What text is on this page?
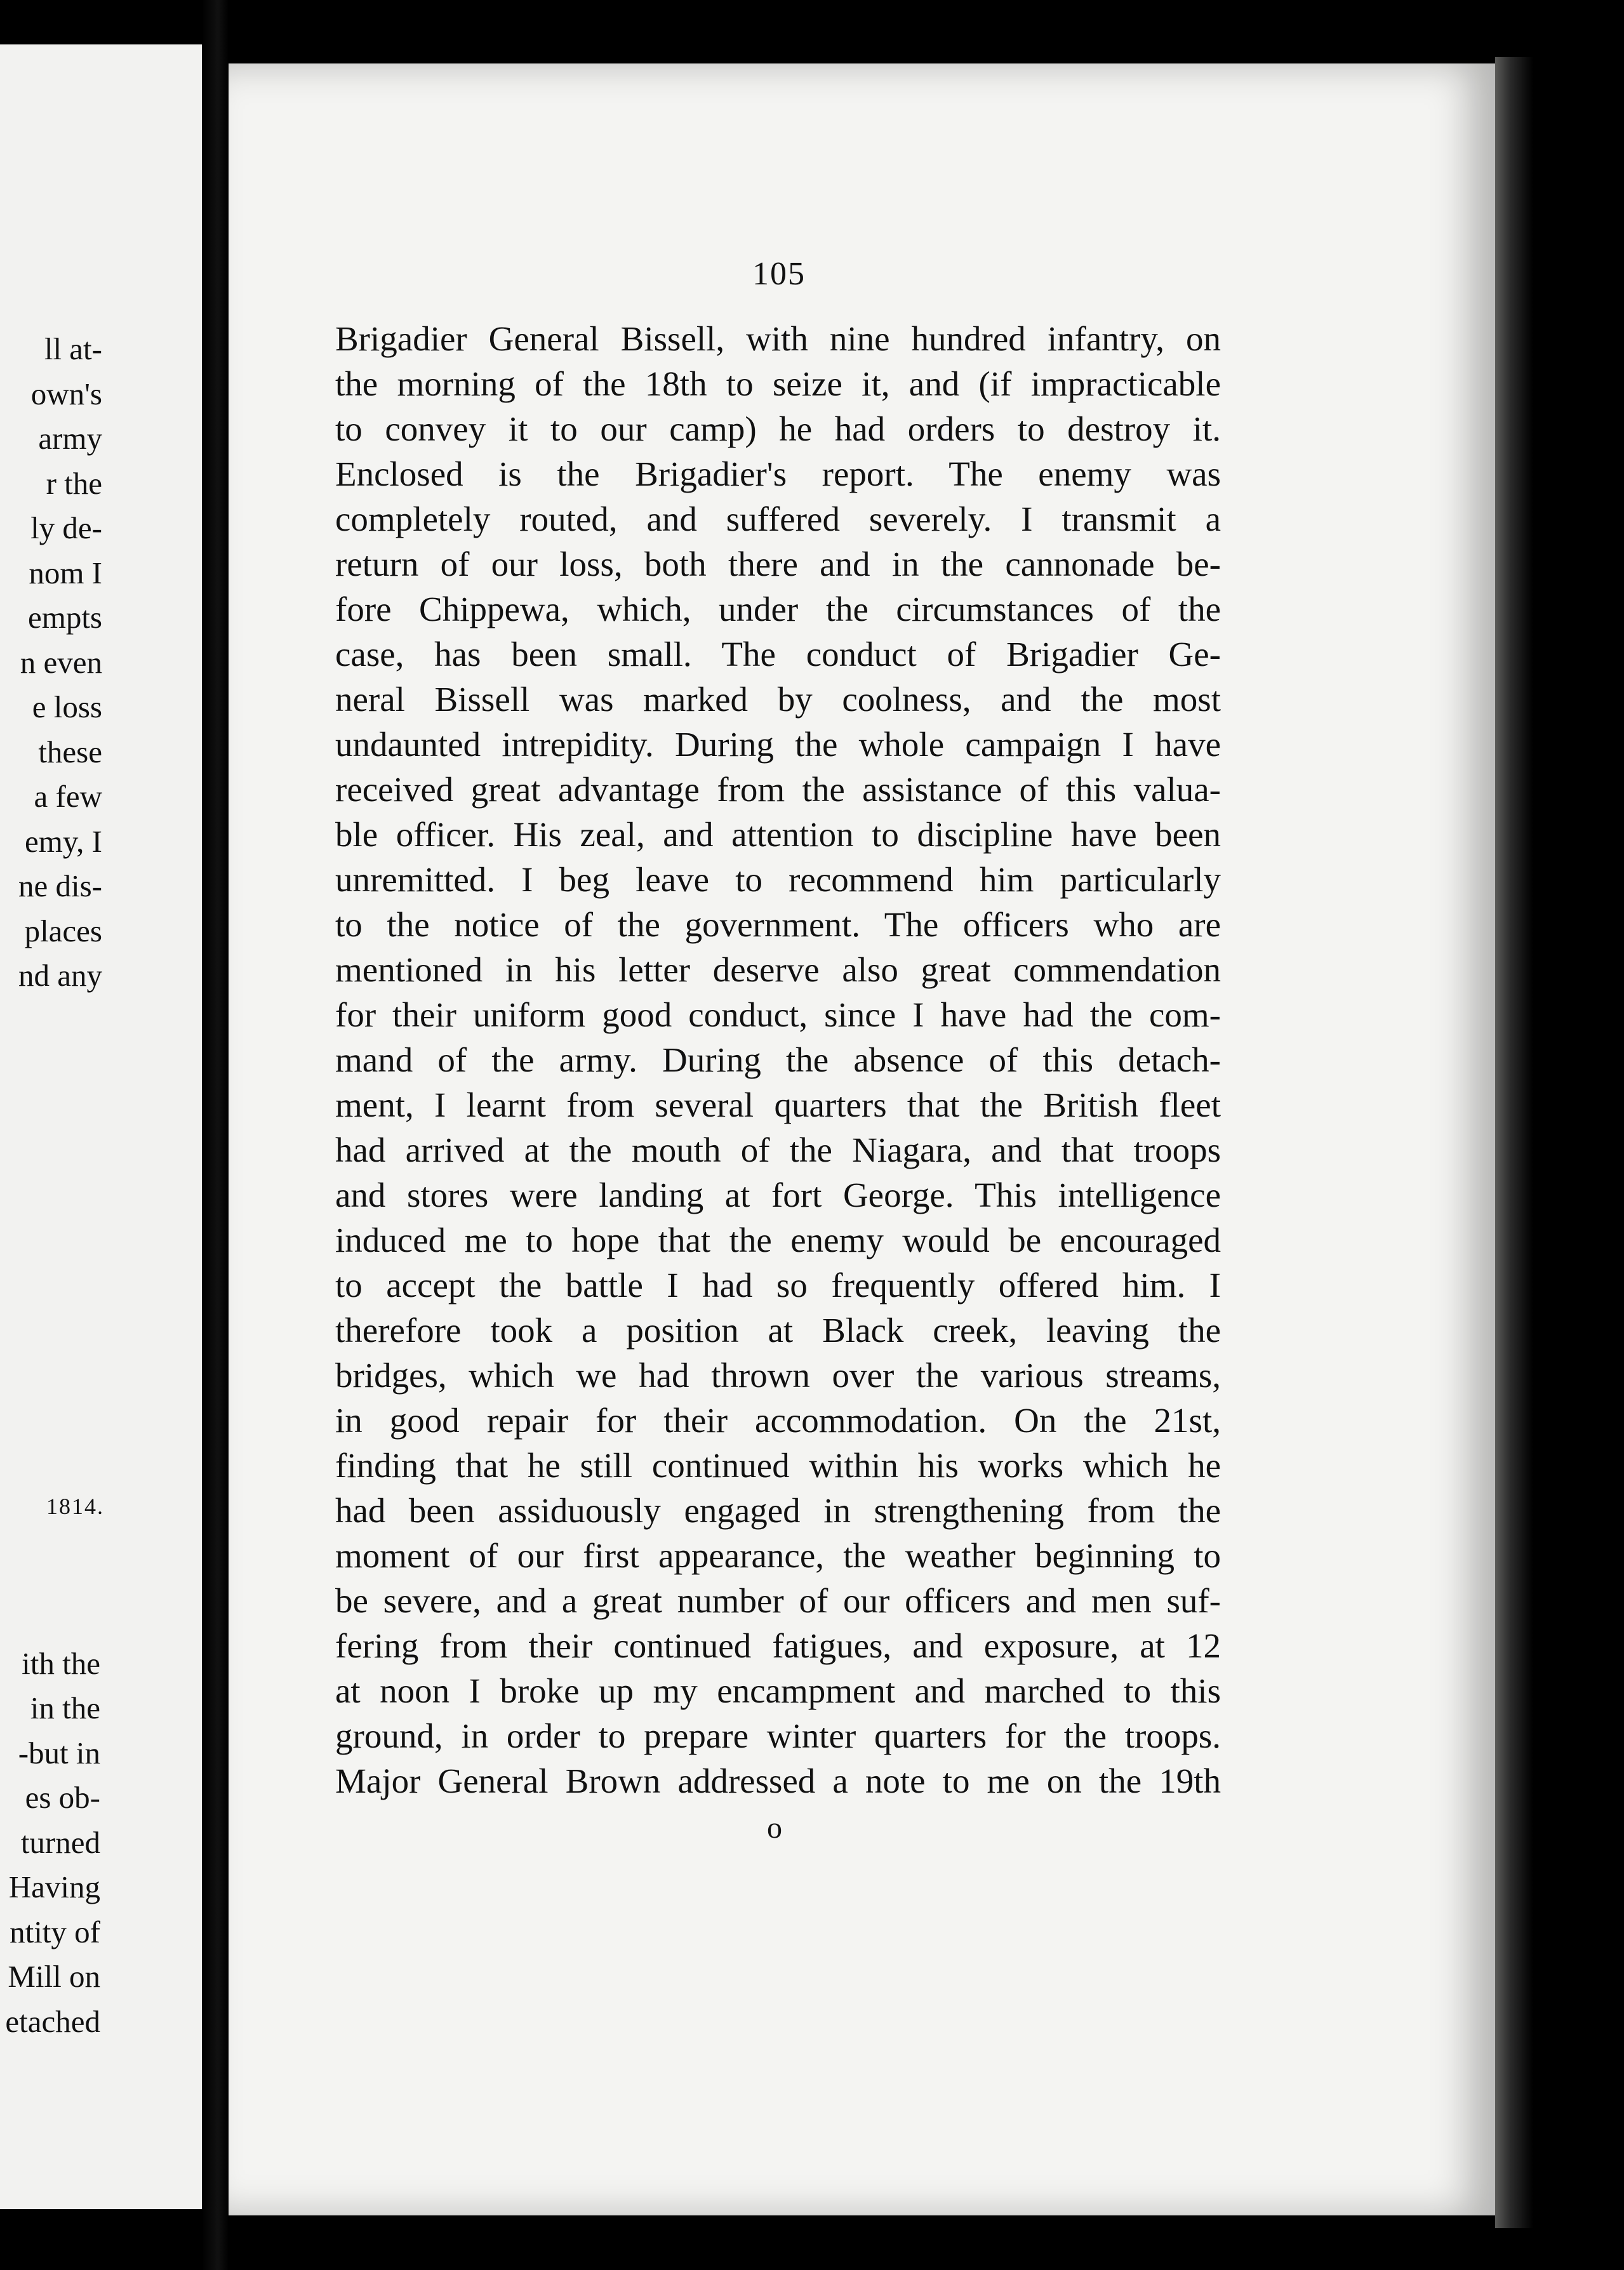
ll at-
own's
army
r the
ly de-
nom I
empts
n even
e loss
these
a few
emy, I
ne dis-
places
nd any

1814.

ith the
in the
-but in
es ob-
turned
Having
ntity of
Mill on
etached
105
Brigadier General Bissell, with nine hundred infantry, on
the morning of the 18th to seize it, and (if impracticable
to convey it to our camp) he had orders to destroy it.
Enclosed is the Brigadier's report. The enemy was
completely routed, and suffered severely. I transmit a
return of our loss, both there and in the cannonade be-
fore Chippewa, which, under the circumstances of the
case, has been small. The conduct of Brigadier Ge-
neral Bissell was marked by coolness, and the most
undaunted intrepidity. During the whole campaign I have
received great advantage from the assistance of this valua-
ble officer. His zeal, and attention to discipline have been
unremitted. I beg leave to recommend him particularly
to the notice of the government. The officers who are
mentioned in his letter deserve also great commendation
for their uniform good conduct, since I have had the com-
mand of the army. During the absence of this detach-
ment, I learnt from several quarters that the British fleet
had arrived at the mouth of the Niagara, and that troops
and stores were landing at fort George. This intelligence
induced me to hope that the enemy would be encouraged
to accept the battle I had so frequently offered him. I
therefore took a position at Black creek, leaving the
bridges, which we had thrown over the various streams,
in good repair for their accommodation. On the 21st,
finding that he still continued within his works which he
had been assiduously engaged in strengthening from the
moment of our first appearance, the weather beginning to
be severe, and a great number of our officers and men suf-
fering from their continued fatigues, and exposure, at 12
at noon I broke up my encampment and marched to this
ground, in order to prepare winter quarters for the troops.
Major General Brown addressed a note to me on the 19th
o
